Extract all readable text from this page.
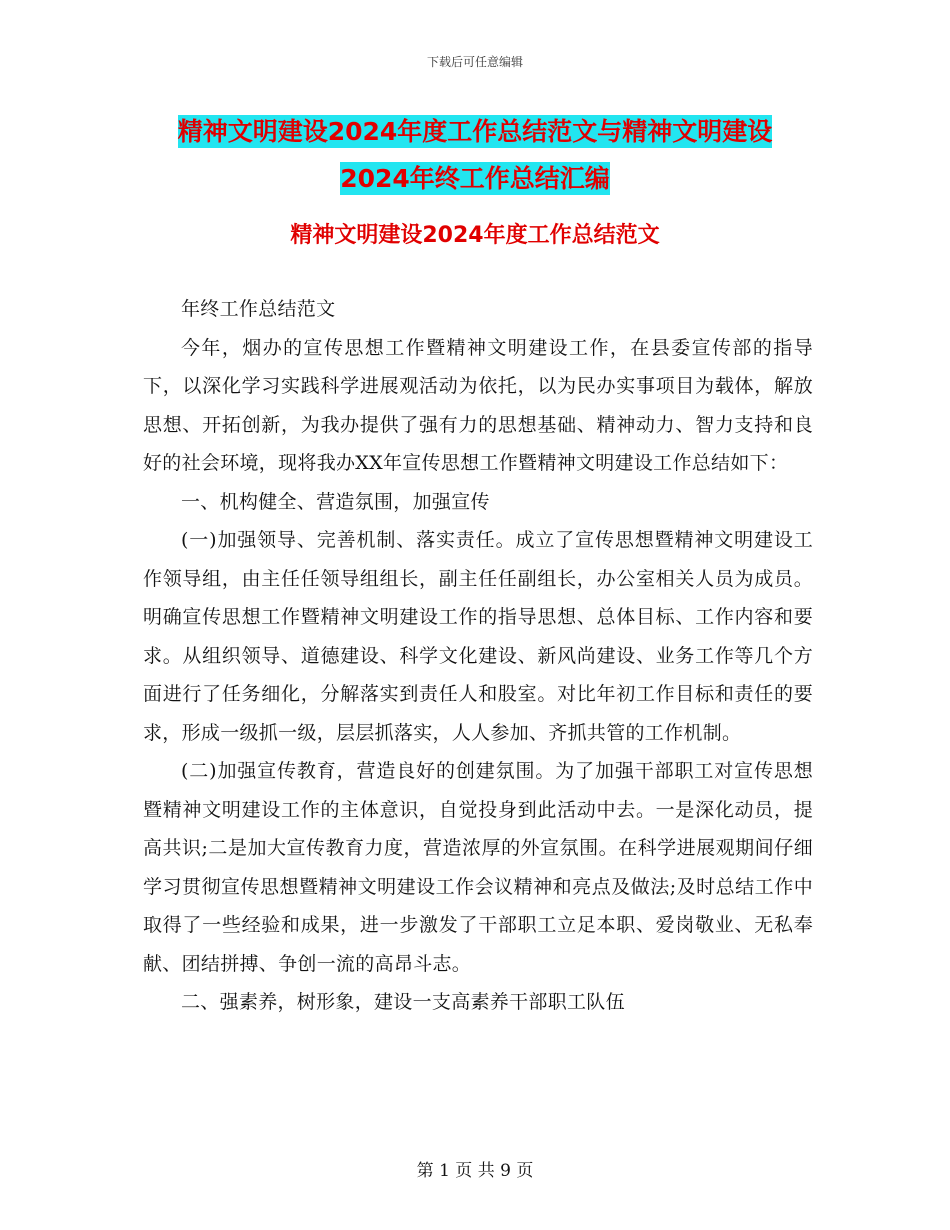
下载后可任意编辑
精神文明建设2024年度工作总结范文与精神文明建设
2024年终工作总结汇编
精神文明建设2024年度工作总结范文

年终工作总结范文

今年，烟办的宣传思想工作暨精神文明建设工作，在县委宣传部的指导下，以深化学习实践科学进展观活动为依托，以为民办实事项目为载体，解放思想、开拓创新，为我办提供了强有力的思想基础、精神动力、智力支持和良好的社会环境，现将我办XX年宣传思想工作暨精神文明建设工作总结如下：

一、机构健全、营造氛围，加强宣传

(一)加强领导、完善机制、落实责任。成立了宣传思想暨精神文明建设工作领导组，由主任任领导组组长，副主任任副组长，办公室相关人员为成员。明确宣传思想工作暨精神文明建设工作的指导思想、总体目标、工作内容和要求。从组织领导、道德建设、科学文化建设、新风尚建设、业务工作等几个方面进行了任务细化，分解落实到责任人和股室。对比年初工作目标和责任的要求，形成一级抓一级，层层抓落实，人人参加、齐抓共管的工作机制。

(二)加强宣传教育，营造良好的创建氛围。为了加强干部职工对宣传思想暨精神文明建设工作的主体意识，自觉投身到此活动中去。一是深化动员，提高共识;二是加大宣传教育力度，营造浓厚的外宣氛围。在科学进展观期间仔细学习贯彻宣传思想暨精神文明建设工作会议精神和亮点及做法;及时总结工作中取得了一些经验和成果，进一步激发了干部职工立足本职、爱岗敬业、无私奉献、团结拼搏、争创一流的高昂斗志。

二、强素养，树形象，建设一支高素养干部职工队伍

第 1 页 共 9 页
